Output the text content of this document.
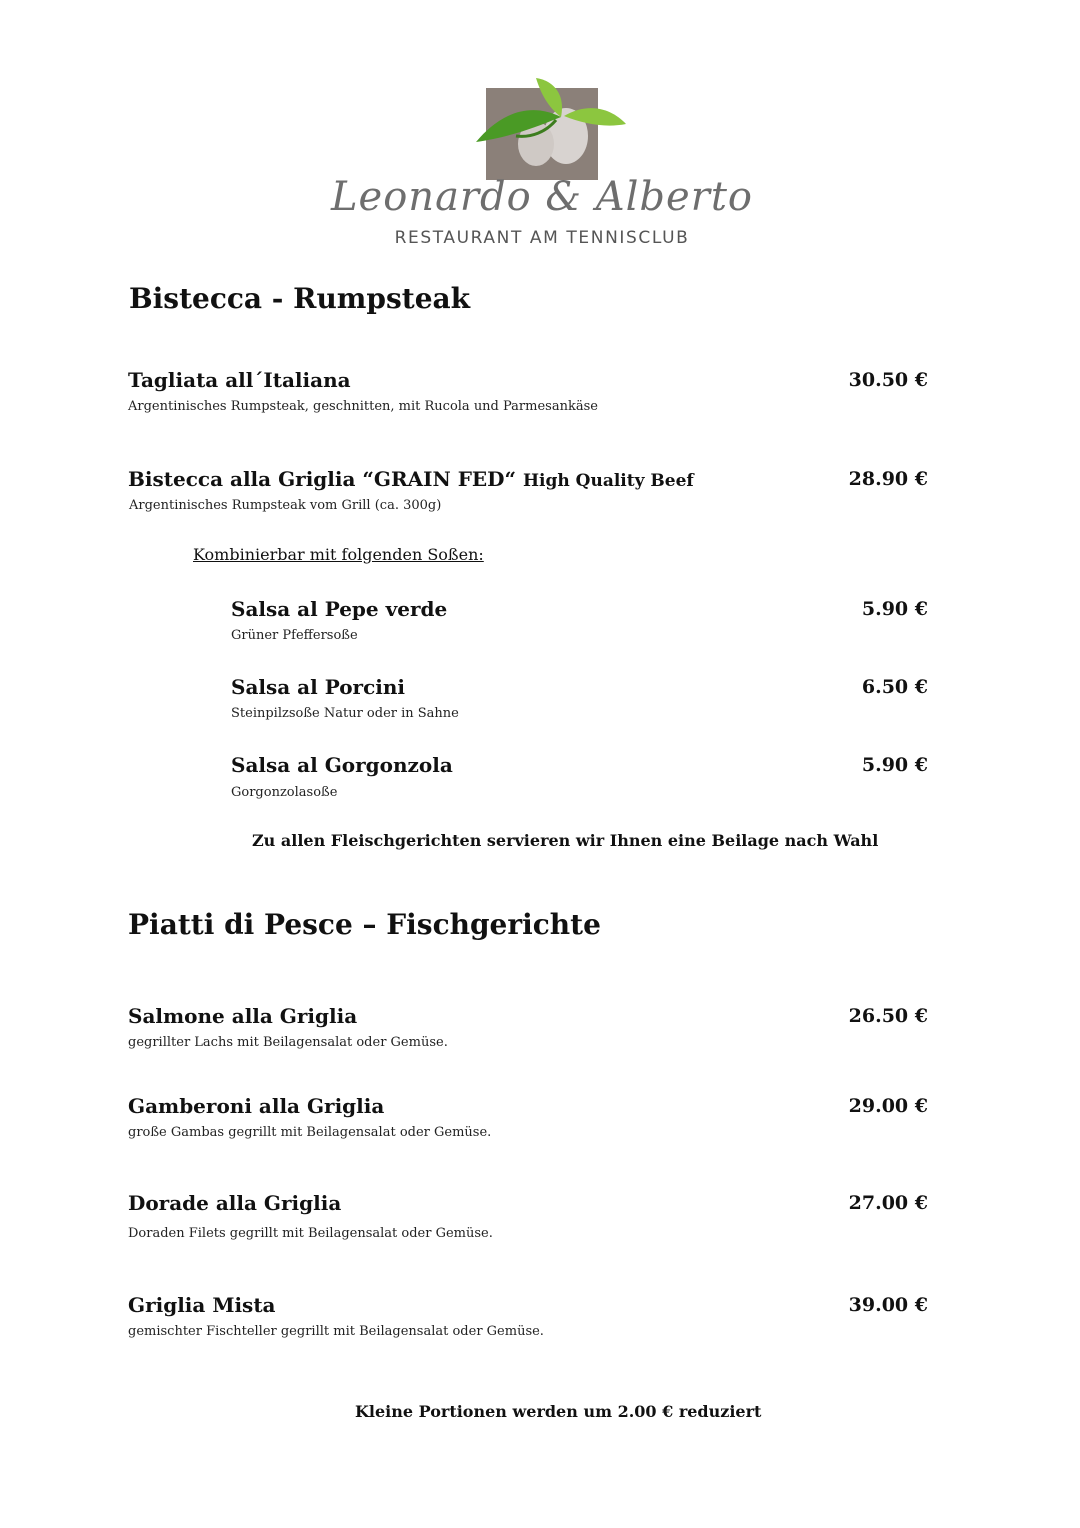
Leonardo & Alberto
RESTAURANT AM TENNISCLUB
Bistecca - Rumpsteak
Tagliata all´Italiana	30.50 €
Argentinisches Rumpsteak, geschnitten, mit Rucola und Parmesankäse
Bistecca alla Griglia “GRAIN FED“ High Quality Beef	28.90 €
Argentinisches Rumpsteak vom Grill (ca. 300g)
Kombinierbar mit folgenden Soßen:
Salsa al Pepe verde	5.90 €
Grüner Pfeffersoße
Salsa al Porcini	6.50 €
Steinpilzsoße Natur oder in Sahne
Salsa al Gorgonzola	5.90 €
Gorgonzolasoße
Zu allen Fleischgerichten servieren wir Ihnen eine Beilage nach Wahl
Piatti di Pesce – Fischgerichte
Salmone alla Griglia	26.50 €
gegrillter Lachs mit Beilagensalat oder Gemüse.
Gamberoni alla Griglia	29.00 €
große Gambas gegrillt mit Beilagensalat oder Gemüse.
Dorade alla Griglia	27.00 €
Doraden Filets gegrillt mit Beilagensalat oder Gemüse.
Griglia Mista	39.00 €
gemischter Fischteller gegrillt mit Beilagensalat oder Gemüse.
Kleine Portionen werden um 2.00 € reduziert
